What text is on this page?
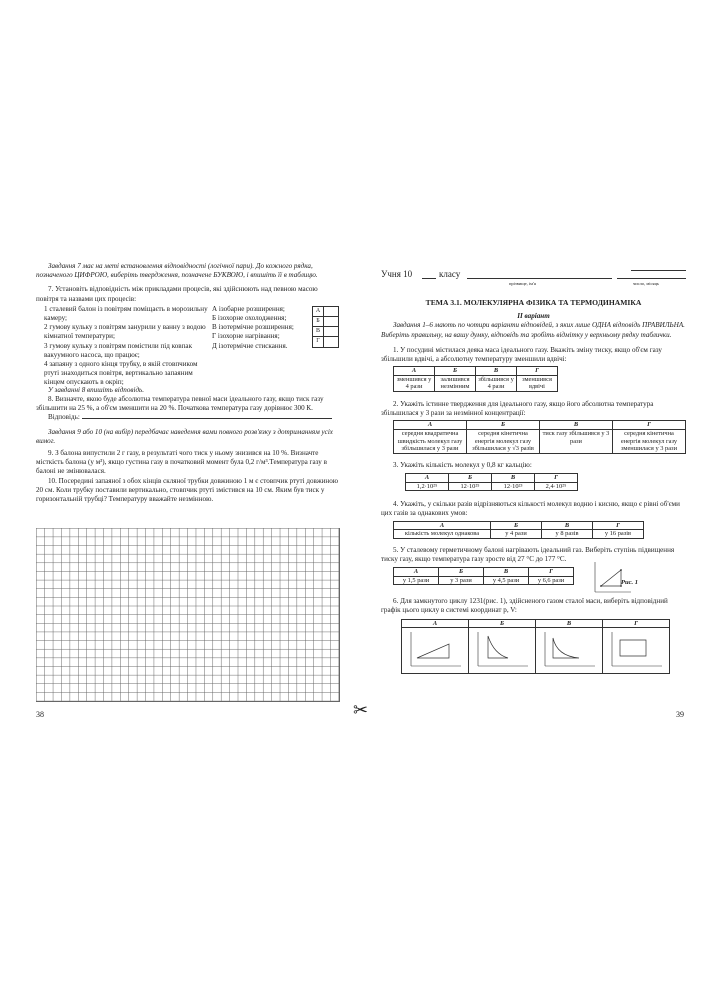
Завдання 7 має на меті встановлення відповідності (логічної пари). До кожного рядка, позначеного ЦИФРОЮ, виберіть твердження, позначене БУКВОЮ, і впишіть її в таблицю.

7. Установіть відповідність між прикладами процесів, які здійснюють над певною масою повітря та назвами цих процесів:

1 сталевий балон із повітрям поміщаєть в морозильну камеру;

2 гумову кульку з повітрям занурили у ванну з водою кімнатної температури;

3 гумову кульку з повітрям помістили під ковпак вакуумного насоса, що працює;

4 запаяну з одного кінця трубку, в якій стовпчиком ртуті знаходиться повітря, вертикально запаяним кінцем опускають в окріп;

А ізобарне розширення;

Б ізохорне охолодження;

В ізотермічне розширення;

Г ізохорне нагрівання;

Д ізотермічне стискання.

А	
Б	
В	
Г	

У завданні 8 впишіть відповідь.

8. Визначте, якою буде абсолютна температура певної маси ідеального газу, якщо тиск газу збільшити на 25 %, а об'єм зменшити на 20 %. Початкова температура газу дорівнює 300 К.

Відповідь:

Завдання 9 або 10 (на вибір) передбачає наведення вами повного розв'язку з дотриманням усіх вимог.

9. З балона випустили 2 г газу, в результаті чого тиск у ньому знизився на 10 %. Визначте місткість балона (у м³), якщо густина газу в початковий момент була 0,2 г/м³.Температура газу в балоні не змінювалася.

10. Посередині запаяної з обох кінців скляної трубки довжиною 1 м є стовпчик ртуті довжиною 20 см. Коли трубку поставили вертикально, стовпчик ртуті змістився на 10 см. Яким був тиск у горизонтальній трубці? Температуру вважайте незмінною.

38	✂
Учня 10	класу
прізвище, ім'я	число, місяць

ТЕМА 3.1. МОЛЕКУЛЯРНА ФІЗИКА ТА ТЕРМОДИНАМІКА

ІІ варіант

Завдання 1–6 мають по чотири варіанти відповідей, з яких лише ОДНА відповідь ПРАВИЛЬНА. Виберіть правильну, на вашу думку, відповідь та зробіть відмітку у верхньому рядку таблички.

1. У посудині містилася деяка маса ідеального газу. Вкажіть зміну тиску, якщо об'єм газу збільшили вдвічі, а абсолютну температуру зменшили вдвічі:

А	Б	В	Г
зменшився у 4 рази	залишився незмінним	збільшився у 4 рази	зменшився вдвічі

2. Укажіть істинне твердження для ідеального газу, якщо його абсолютна температура збільшилася у 3 рази за незмінної концентрації:

А	Б	В	Г
середня квадратична швидкість молекул газу збільшилася у 3 рази	середня кінетична енергія молекул газу збільшилася у √3 разів	тиск газу збільшився у 3 рази	середня кінетична енергія молекул газу зменшилася у 3 рази

3. Укажіть кількість молекул у 0,8 кг кальцію:

А	Б	В	Г
1,2·10²⁵	12·10²⁵	12·10²³	2,4·10²⁵

4. Укажіть, у скільки разів відрізняються кількості молекул водню і кисню, якщо є рівні об'єми цих газів за однакових умов:

А	Б	В	Г
кількість молекул однакова	у 4 рази	у 8 разів	у 16 разів

5. У сталевому герметичному балоні нагрівають ідеальний газ. Виберіть ступінь підвищення тиску газу, якщо температура газу зросте від 27 °С до 177 °С.

А	Б	В	Г
у 1,5 рази	у 3 рази	у 4,5 рази	у 6,6 рази	Рис. 1

6. Для замкнутого циклу 1231(рис. 1), здійсненого газом сталої маси, виберіть відповідний графік цього циклу в системі координат p, V:

А	Б	В	Г

39
